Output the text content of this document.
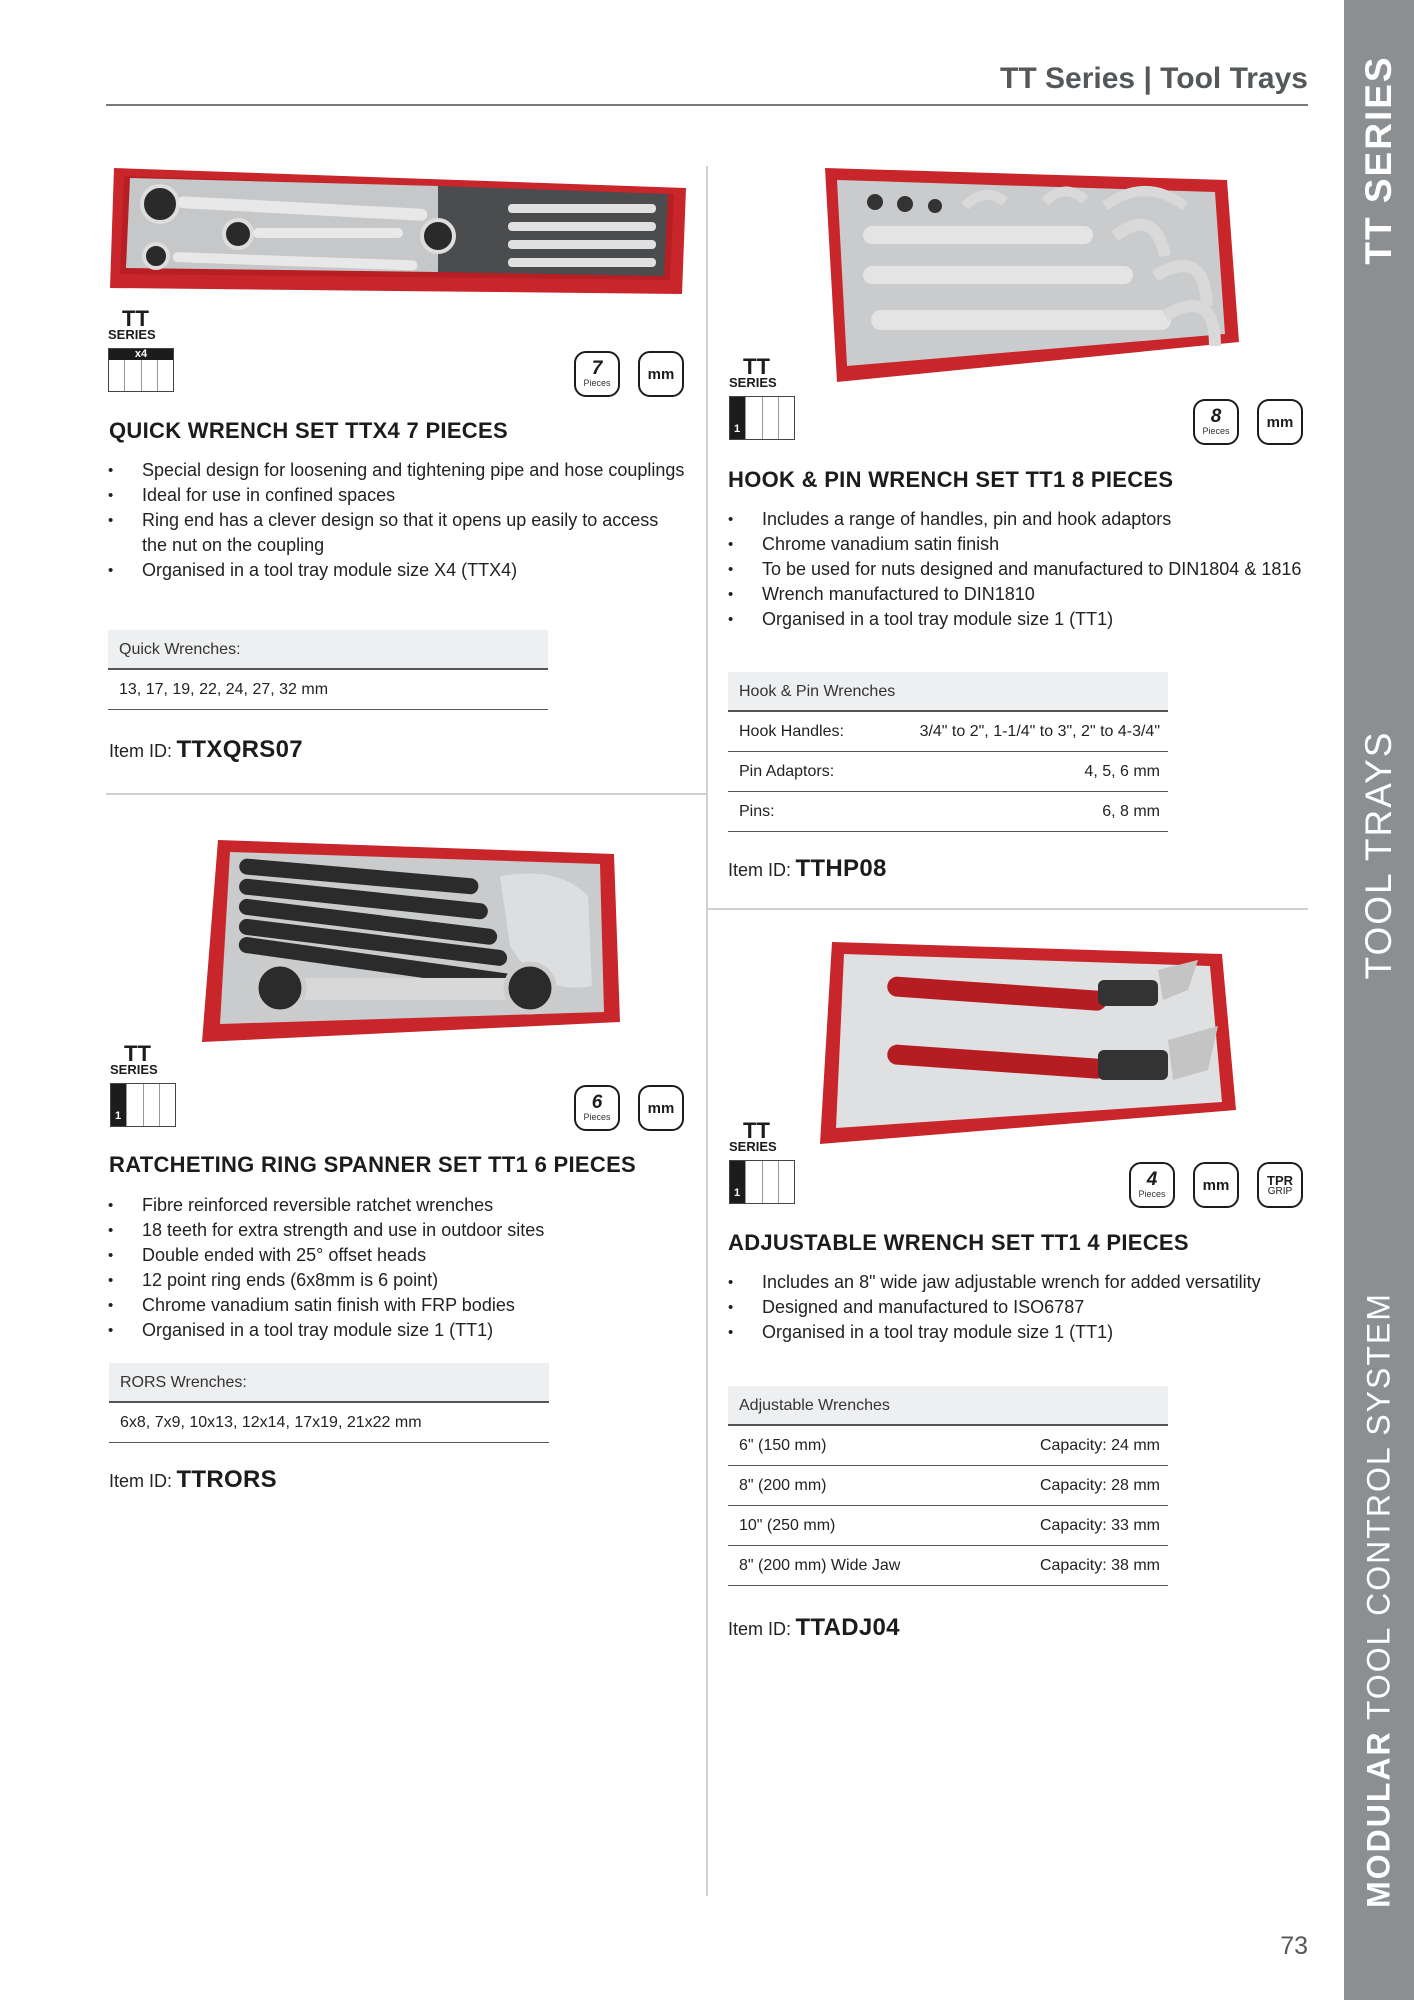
TT Series | Tool Trays TT SERIES
TOOL TRAYS
MODULAR TOOL CONTROL SYSTEM
TT
SERIES
x4
7
Pieces
mm
QUICK WRENCH SET TTX4 7 PIECES
• Special design for loosening and tightening pipe and hose couplings
• Ideal for use in confined spaces
• Ring end has a clever design so that it opens up easily to access the nut on the coupling
• Organised in a tool tray module size X4 (TTX4)
Quick Wrenches:
13, 17, 19, 22, 24, 27, 32 mm
Item ID: TTXQRS07
TT
SERIES
1
6
Pieces
mm
RATCHETING RING SPANNER SET TT1 6 PIECES
• Fibre reinforced reversible ratchet wrenches
• 18 teeth for extra strength and use in outdoor sites
• Double ended with 25° offset heads
• 12 point ring ends (6x8mm is 6 point)
• Chrome vanadium satin finish with FRP bodies
• Organised in a tool tray module size 1 (TT1)
RORS Wrenches:
6x8, 7x9, 10x13, 12x14, 17x19, 21x22 mm
Item ID: TTRORS
TT
SERIES
1
8
Pieces
mm
HOOK & PIN WRENCH SET TT1 8 PIECES
• Includes a range of handles, pin and hook adaptors
• Chrome vanadium satin finish
• To be used for nuts designed and manufactured to DIN1804 & 1816
• Wrench manufactured to DIN1810
• Organised in a tool tray module size 1 (TT1)
Hook & Pin Wrenches
Hook Handles:	3/4" to 2", 1-1/4" to 3", 2" to 4-3/4"
Pin Adaptors:	4, 5, 6 mm
Pins:	6, 8 mm
Item ID: TTHP08
TT
SERIES
1
4
Pieces
mm	TPR
GRIP
ADJUSTABLE WRENCH SET TT1 4 PIECES
• Includes an 8" wide jaw adjustable wrench for added versatility
• Designed and manufactured to ISO6787
• Organised in a tool tray module size 1 (TT1)
Adjustable Wrenches
6" (150 mm)	Capacity: 24 mm
8" (200 mm)	Capacity: 28 mm
10" (250 mm)	Capacity: 33 mm
8" (200 mm) Wide Jaw	Capacity: 38 mm
Item ID: TTADJ04
73
